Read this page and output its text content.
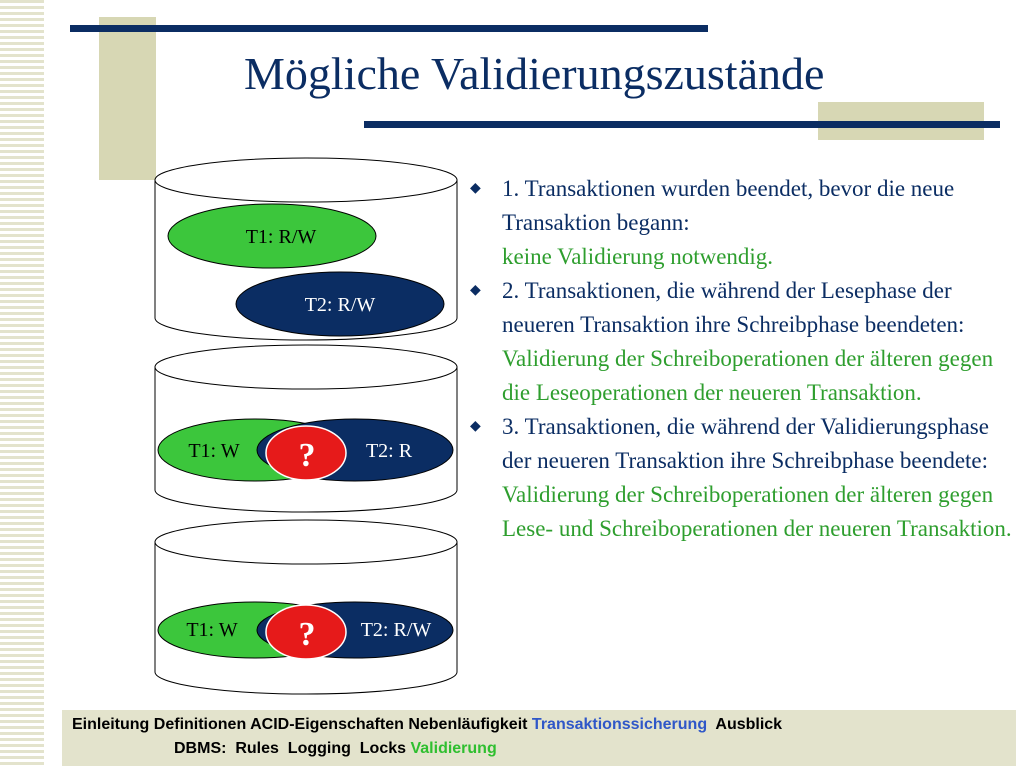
Mögliche Validierungszustände
T1: R/W
T2: R/W
T1: W	T2: R
?
T1: W	T2: R/W
?
◆ 1. Transaktionen wurden beendet, bevor die neue Transaktion begann:
keine Validierung notwendig.
◆ 2. Transaktionen, die während der Lesephase der neueren Transaktion ihre Schreibphase beendeten:
Validierung der Schreiboperationen der älteren gegen die Leseoperationen der neueren Transaktion.
◆ 3. Transaktionen, die während der Validierungsphase der neueren Transaktion ihre Schreibphase beendete:
Validierung der Schreiboperationen der älteren gegen Lese- und Schreiboperationen der neueren Transaktion.
Einleitung Definitionen ACID-Eigenschaften Nebenläufigkeit Transaktionssicherung Ausblick
DBMS: Rules Logging Locks Validierung
